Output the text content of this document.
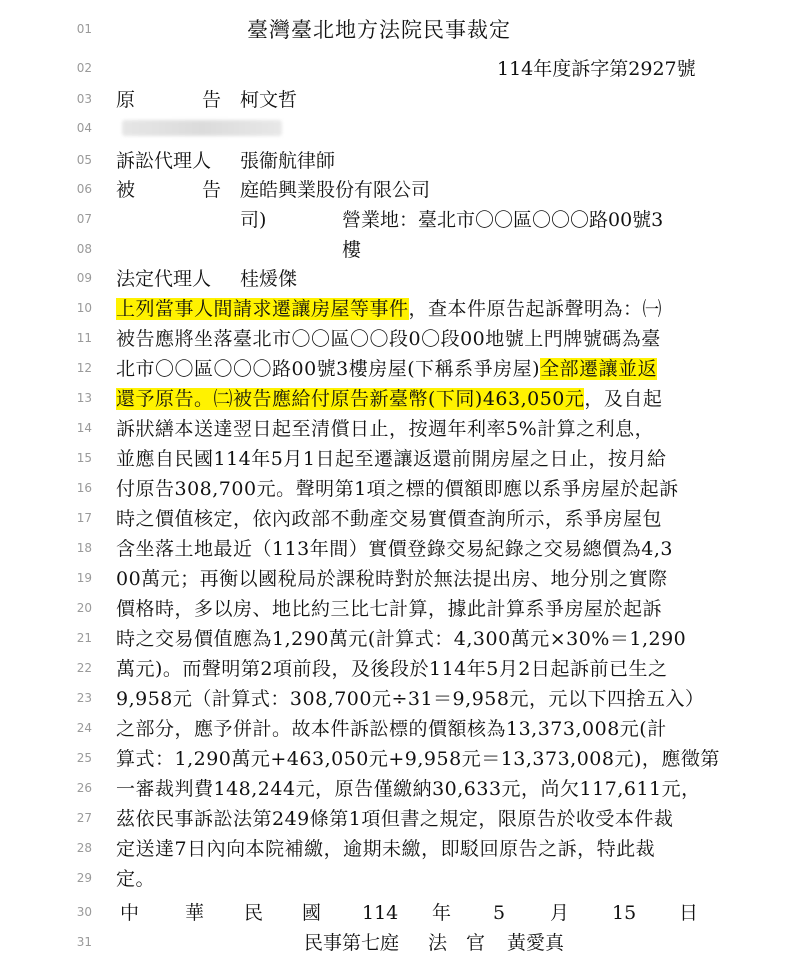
01	臺灣臺北地方法院民事裁定
02	114年度訴字第2927號
03 原	告 柯文哲
04
05 訴訟代理人 張衞航律師
06 被	告 庭皓興業股份有限公司
07	司)	營業地：臺北市〇〇區〇〇〇路00號3
08	樓
09 法定代理人 桂煖傑
10 上列當事人間請求遷讓房屋等事件，查本件原告起訴聲明為：㈠
11 被告應將坐落臺北市〇〇區〇〇段0〇段00地號上門牌號碼為臺
12 北市〇〇區〇〇〇路00號3樓房屋(下稱系爭房屋)全部遷讓並返
13 還予原告。㈡被告應給付原告新臺幣(下同)463,050元，及自起
14 訴狀繕本送達翌日起至清償日止，按週年利率5%計算之利息，
15 並應自民國114年5月1日起至遷讓返還前開房屋之日止，按月給
16 付原告308,700元。聲明第1項之標的價額即應以系爭房屋於起訴
17 時之價值核定，依內政部不動產交易實價查詢所示，系爭房屋包
18 含坐落土地最近（113年間）實價登錄交易紀錄之交易總價為4,3
19 00萬元；再衡以國稅局於課稅時對於無法提出房、地分別之實際
20 價格時，多以房、地比約三比七計算，據此計算系爭房屋於起訴
21 時之交易價值應為1,290萬元(計算式：4,300萬元×30%＝1,290
22 萬元)。而聲明第2項前段，及後段於114年5月2日起訴前已生之
23 9,958元（計算式：308,700元÷31＝9,958元，元以下四捨五入）
24 之部分，應予併計。故本件訴訟標的價額核為13,373,008元(計
25 算式：1,290萬元+463,050元+9,958元＝13,373,008元)，應徵第
26 一審裁判費148,244元，原告僅繳納30,633元，尚欠117,611元，
27 茲依民事訴訟法第249條第1項但書之規定，限原告於收受本件裁
28 定送達7日內向本院補繳，逾期未繳，即駁回原告之訴，特此裁
29 定。
30 中 華 民 國 114 年 5 月 15 日
31	民事第七庭 法　官 黃愛真
